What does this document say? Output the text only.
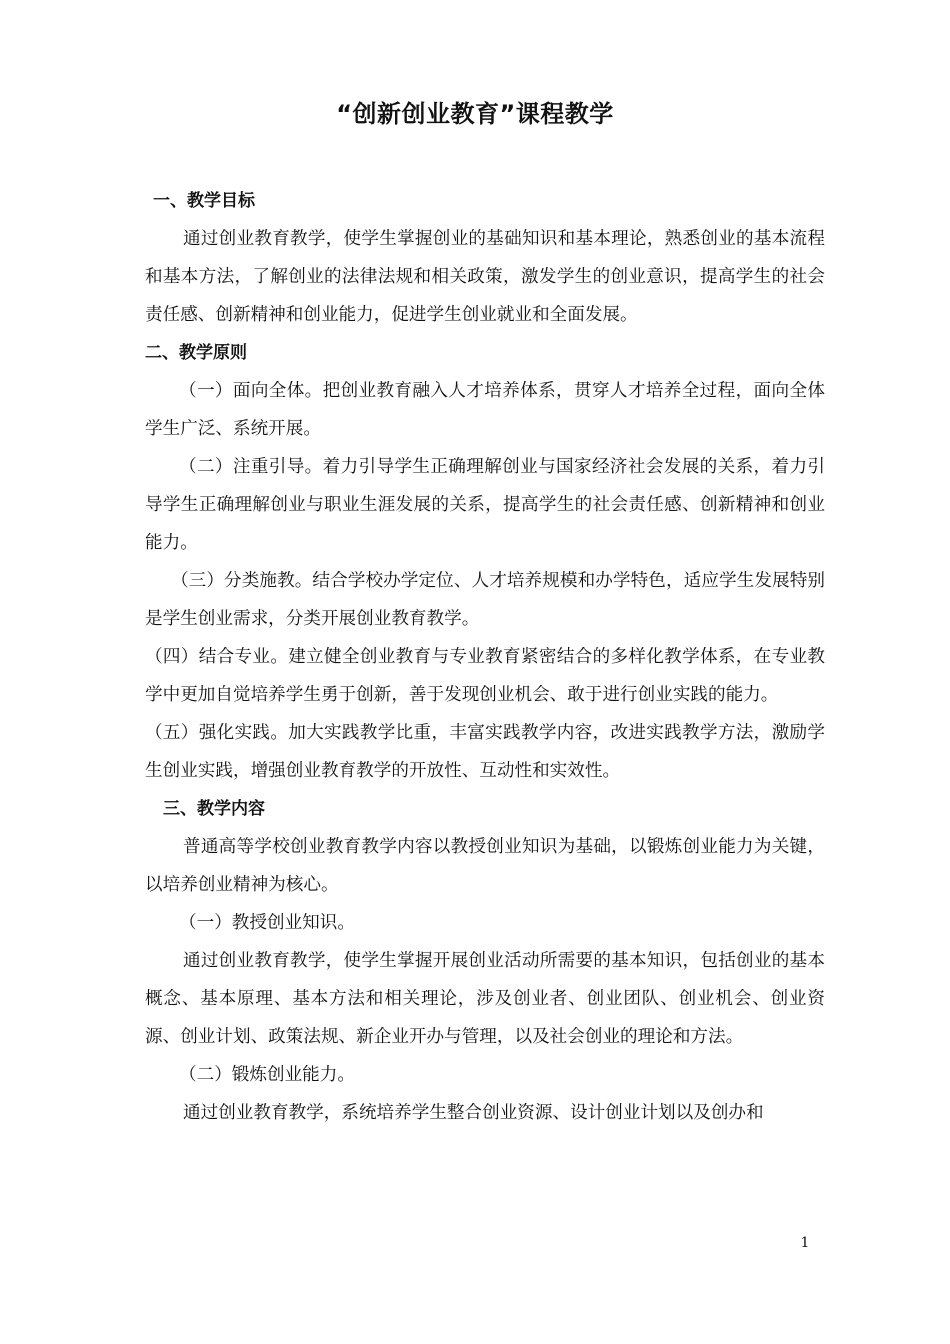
“创新创业教育”课程教学

一、教学目标

通过创业教育教学，使学生掌握创业的基础知识和基本理论，熟悉创业的基本流程和基本方法，了解创业的法律法规和相关政策，激发学生的创业意识，提高学生的社会责任感、创新精神和创业能力，促进学生创业就业和全面发展。

二、教学原则

（一）面向全体。把创业教育融入人才培养体系，贯穿人才培养全过程，面向全体学生广泛、系统开展。

（二）注重引导。着力引导学生正确理解创业与国家经济社会发展的关系，着力引导学生正确理解创业与职业生涯发展的关系，提高学生的社会责任感、创新精神和创业能力。

（三）分类施教。结合学校办学定位、人才培养规模和办学特色，适应学生发展特别是学生创业需求，分类开展创业教育教学。

（四）结合专业。建立健全创业教育与专业教育紧密结合的多样化教学体系，在专业教学中更加自觉培养学生勇于创新，善于发现创业机会、敢于进行创业实践的能力。

（五）强化实践。加大实践教学比重，丰富实践教学内容，改进实践教学方法，激励学生创业实践，增强创业教育教学的开放性、互动性和实效性。

三、教学内容

普通高等学校创业教育教学内容以教授创业知识为基础，以锻炼创业能力为关键，以培养创业精神为核心。

（一）教授创业知识。

通过创业教育教学，使学生掌握开展创业活动所需要的基本知识，包括创业的基本概念、基本原理、基本方法和相关理论，涉及创业者、创业团队、创业机会、创业资源、创业计划、政策法规、新企业开办与管理，以及社会创业的理论和方法。

（二）锻炼创业能力。

通过创业教育教学，系统培养学生整合创业资源、设计创业计划以及创办和

1
